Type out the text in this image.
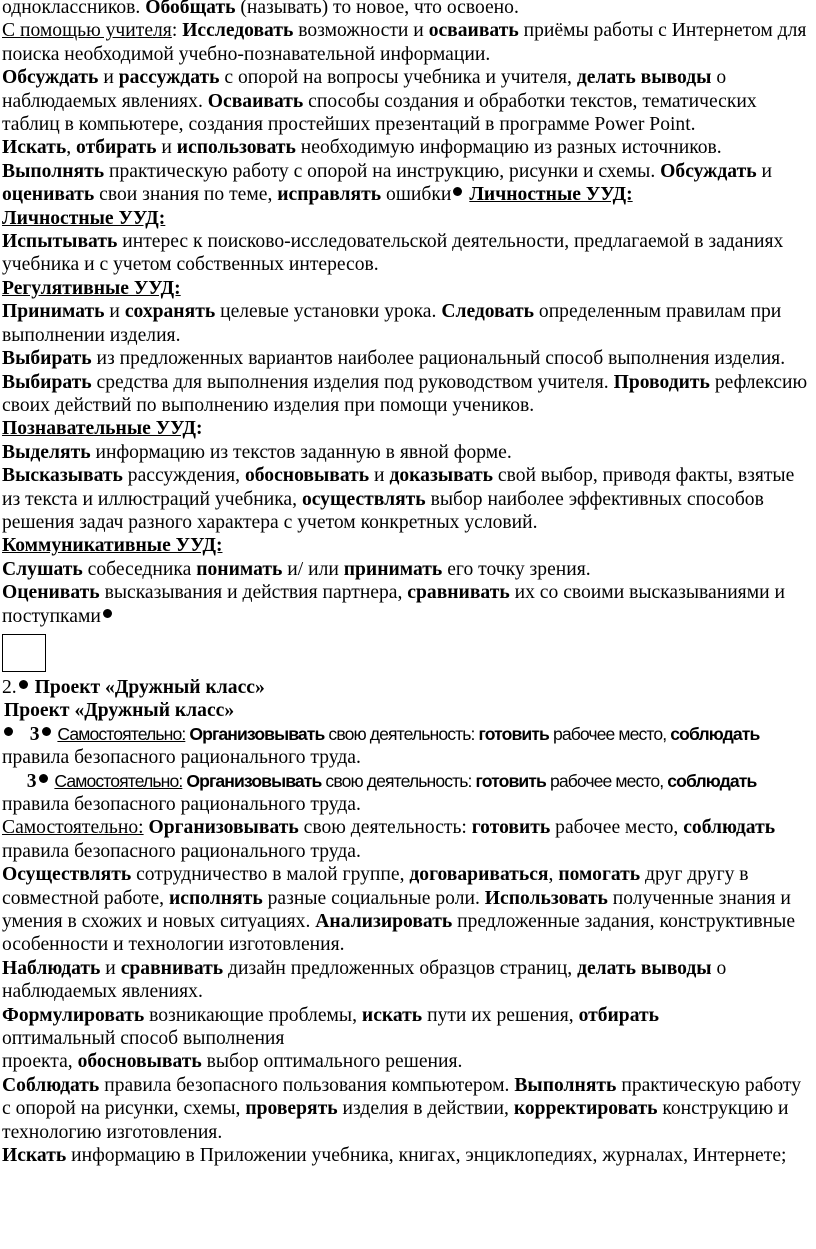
одноклассников. Обобщать (называть) то новое, что освоено.

С помощью учителя: Исследовать возможности и осваивать приёмы работы с Интернетом для поиска необходимой учебно-познавательной информации.

Обсуждать и рассуждать с опорой на вопросы учебника и учителя, делать выводы о наблюдаемых явлениях. Осваивать способы создания и обработки текстов, тематических таблиц в компьютере, создания простейших презентаций в программе Power Point.

Искать, отбирать и использовать необходимую информацию из разных источников.

Выполнять практическую работу с опорой на инструкцию, рисунки и схемы. Обсуждать и оценивать свои знания по теме, исправлять ошибки Личностные УУД:

Личностные УУД:

Испытывать интерес к поисково-исследовательской деятельности, предлагаемой в заданиях учебника и с учетом собственных интересов.

Регулятивные УУД:

Принимать и сохранять целевые установки урока. Следовать определенным правилам при выполнении изделия.

Выбирать из предложенных вариантов наиболее рациональный способ выполнения изделия.

Выбирать средства для выполнения изделия под руководством учителя. Проводить рефлексию своих действий по выполнению изделия при помощи учеников.

Познавательные УУД:

Выделять информацию из текстов заданную в явной форме.

Высказывать рассуждения, обосновывать и доказывать свой выбор, приводя факты, взятые из текста и иллюстраций учебника, осуществлять выбор наиболее эффективных способов решения задач разного характера с учетом конкретных условий.

Коммуникативные УУД:

Слушать собеседника понимать и/ или принимать его точку зрения.

Оценивать высказывания и действия партнера, сравнивать их со своими высказываниями и поступками

2. Проект «Дружный класс»

Проект «Дружный класс»

3 Самостоятельно: Организовывать свою деятельность: готовить рабочее место, соблюдать правила безопасного рационального труда.

3 Самостоятельно: Организовывать свою деятельность: готовить рабочее место, соблюдать правила безопасного рационального труда.

Самостоятельно: Организовывать свою деятельность: готовить рабочее место, соблюдать правила безопасного рационального труда.

Осуществлять сотрудничество в малой группе, договариваться, помогать друг другу в совместной работе, исполнять разные социальные роли. Использовать полученные знания и умения в схожих и новых ситуациях. Анализировать предложенные задания, конструктивные особенности и технологии изготовления.

Наблюдать и сравнивать дизайн предложенных образцов страниц, делать выводы о наблюдаемых явлениях.

Формулировать возникающие проблемы, искать пути их решения, отбирать
оптимальный способ выполнения

проекта, обосновывать выбор оптимального решения.

Соблюдать правила безопасного пользования компьютером. Выполнять практическую работу с опорой на рисунки, схемы, проверять изделия в действии, корректировать конструкцию и технологию изготовления.

Искать информацию в Приложении учебника, книгах, энциклопедиях, журналах, Интернете;
